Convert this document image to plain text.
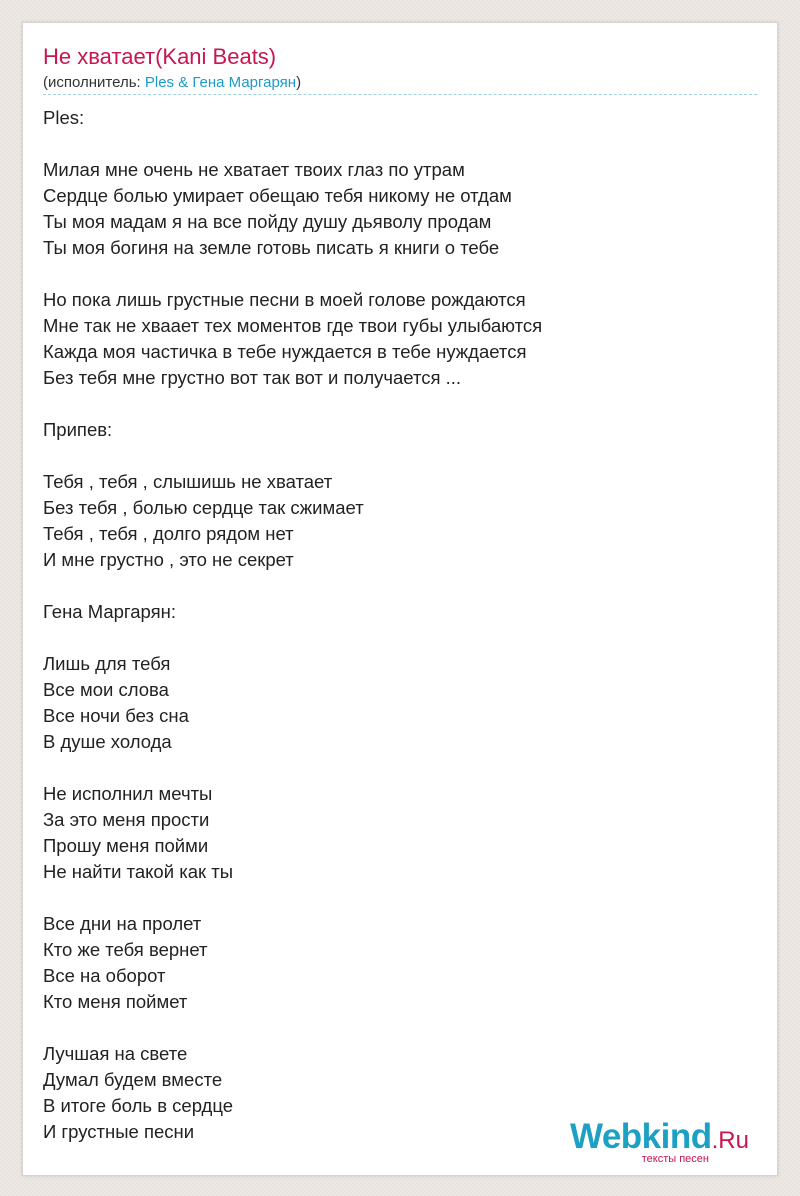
Не хватает(Kani Beats)
(исполнитель: Ples & Гена Маргарян)
Ples:
Милая мне очень не хватает твоих глаз по утрам
Сердце болью умирает обещаю тебя никому не отдам
Ты моя мадам я на все пойду душу дьяволу продам
Ты моя богиня на земле готовь писать я книги о тебе
Но пока лишь грустные песни в моей голове рождаются
Мне так не хваает тех моментов где твои губы улыбаются
Кажда моя частичка в тебе нуждается в тебе нуждается
Без тебя мне грустно вот так вот и получается ...
Припев:
Тебя , тебя , слышишь не хватает
Без тебя , болью сердце так сжимает
Тебя , тебя , долго рядом нет
И мне грустно , это не секрет
Гена Маргарян:
Лишь для тебя
Все мои слова
Все ночи без сна
В душе холода
Не исполнил мечты
За это меня прости
Прошу меня пойми
Не найти такой как ты
Все дни на пролет
Кто же тебя вернет
Все на оборот
Кто меня поймет
Лучшая на свете
Думал будем вместе
В итоге боль в сердце
И грустные песни	Webkind.Ru
тексты песен
